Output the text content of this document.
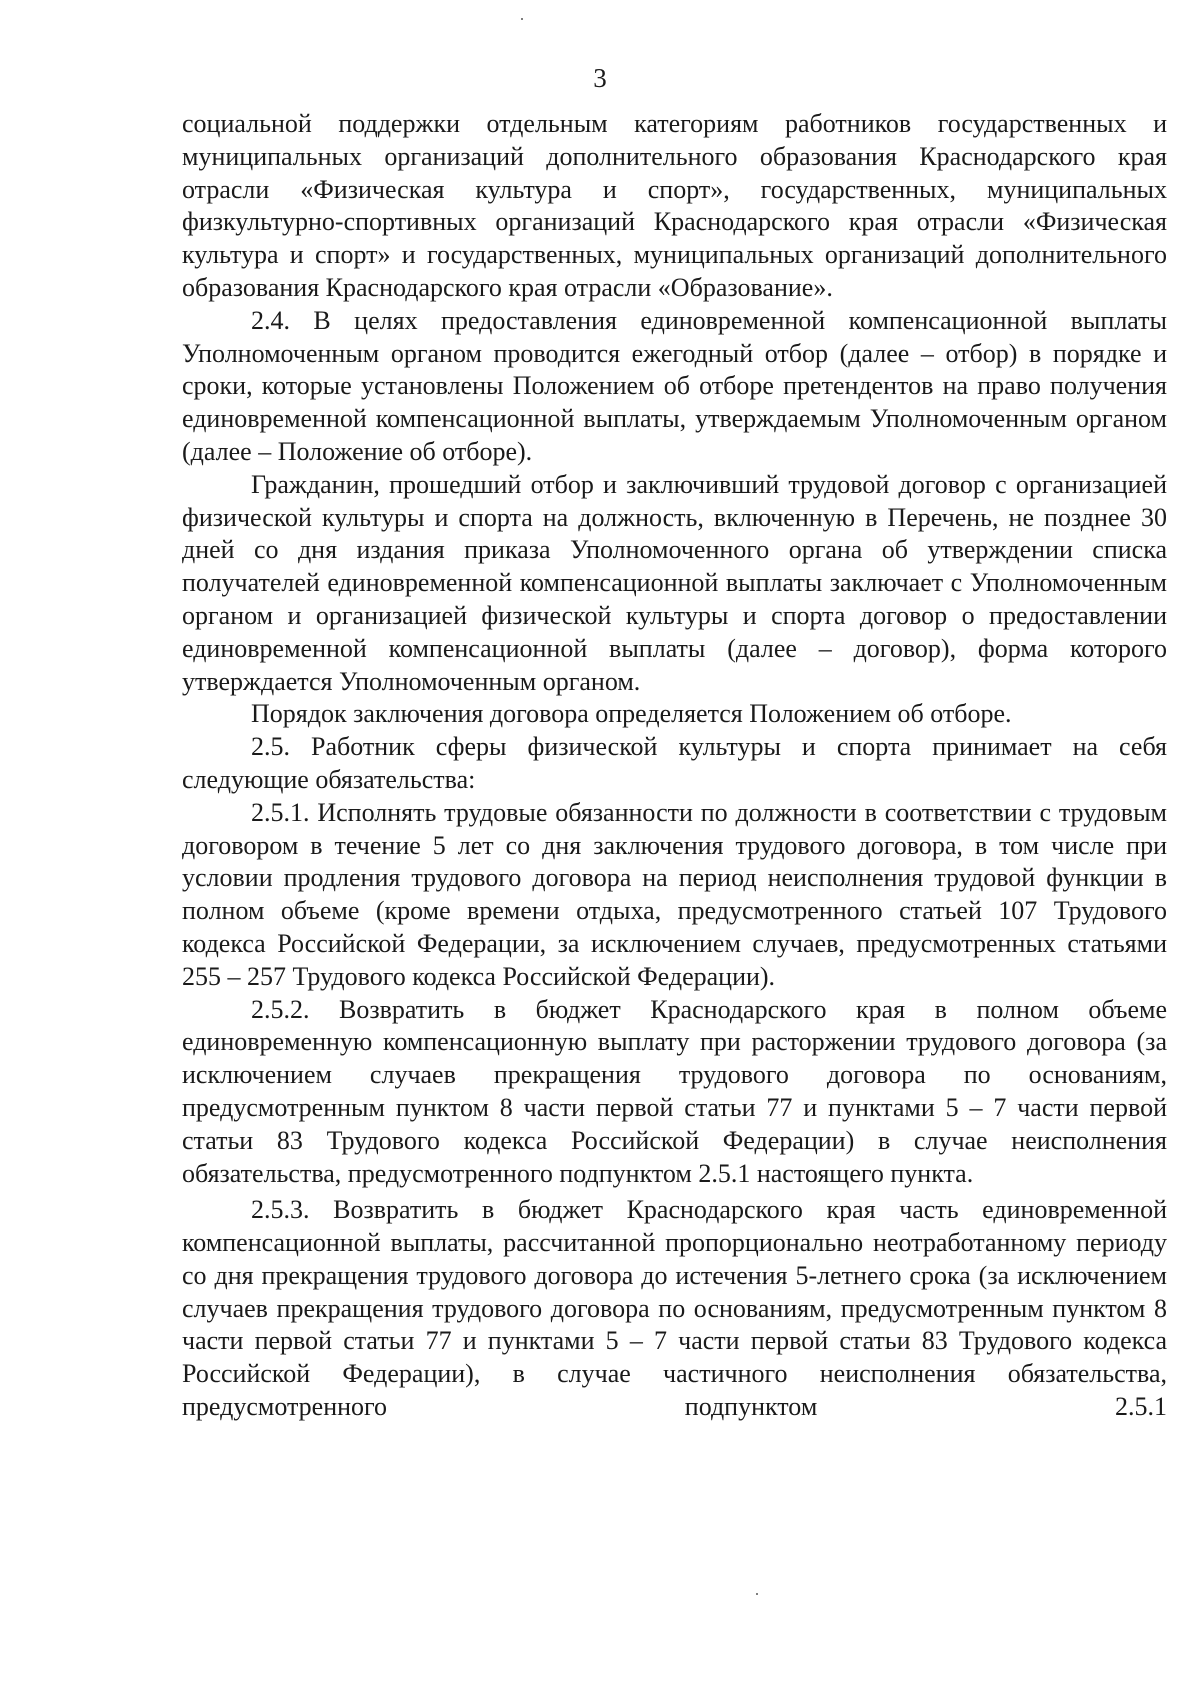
3

социальной поддержки отдельным категориям работников государственных и муниципальных организаций дополнительного образования Краснодарского края отрасли «Физическая культура и спорт», государственных, муниципальных физкультурно-спортивных организаций Краснодарского края отрасли «Физическая культура и спорт» и государственных, муниципальных организаций дополнительного образования Краснодарского края отрасли «Образование».

2.4. В целях предоставления единовременной компенсационной выплаты Уполномоченным органом проводится ежегодный отбор (далее – отбор) в порядке и сроки, которые установлены Положением об отборе претендентов на право получения единовременной компенсационной выплаты, утверждаемым Уполномоченным органом (далее – Положение об отборе).

Гражданин, прошедший отбор и заключивший трудовой договор с организацией физической культуры и спорта на должность, включенную в Перечень, не позднее 30 дней со дня издания приказа Уполномоченного органа об утверждении списка получателей единовременной компенсационной выплаты заключает с Уполномоченным органом и организацией физической культуры и спорта договор о предоставлении единовременной компенсационной выплаты (далее – договор), форма которого утверждается Уполномоченным органом.

Порядок заключения договора определяется Положением об отборе.

2.5. Работник сферы физической культуры и спорта принимает на себя следующие обязательства:

2.5.1. Исполнять трудовые обязанности по должности в соответствии с трудовым договором в течение 5 лет со дня заключения трудового договора, в том числе при условии продления трудового договора на период неисполнения трудовой функции в полном объеме (кроме времени отдыха, предусмотренного статьей 107 Трудового кодекса Российской Федерации, за исключением случаев, предусмотренных статьями 255 – 257 Трудового кодекса Российской Федерации).

2.5.2. Возвратить в бюджет Краснодарского края в полном объеме единовременную компенсационную выплату при расторжении трудового договора (за исключением случаев прекращения трудового договора по основаниям, предусмотренным пунктом 8 части первой статьи 77 и пунктами 5 – 7 части первой статьи 83 Трудового кодекса Российской Федерации) в случае неисполнения обязательства, предусмотренного подпунктом 2.5.1 настоящего пункта.

2.5.3. Возвратить в бюджет Краснодарского края часть единовременной компенсационной выплаты, рассчитанной пропорционально неотработанному периоду со дня прекращения трудового договора до истечения 5-летнего срока (за исключением случаев прекращения трудового договора по основаниям, предусмотренным пунктом 8 части первой статьи 77 и пунктами 5 – 7 части первой статьи 83 Трудового кодекса Российской Федерации), в случае частичного неисполнения обязательства, предусмотренного подпунктом 2.5.1
